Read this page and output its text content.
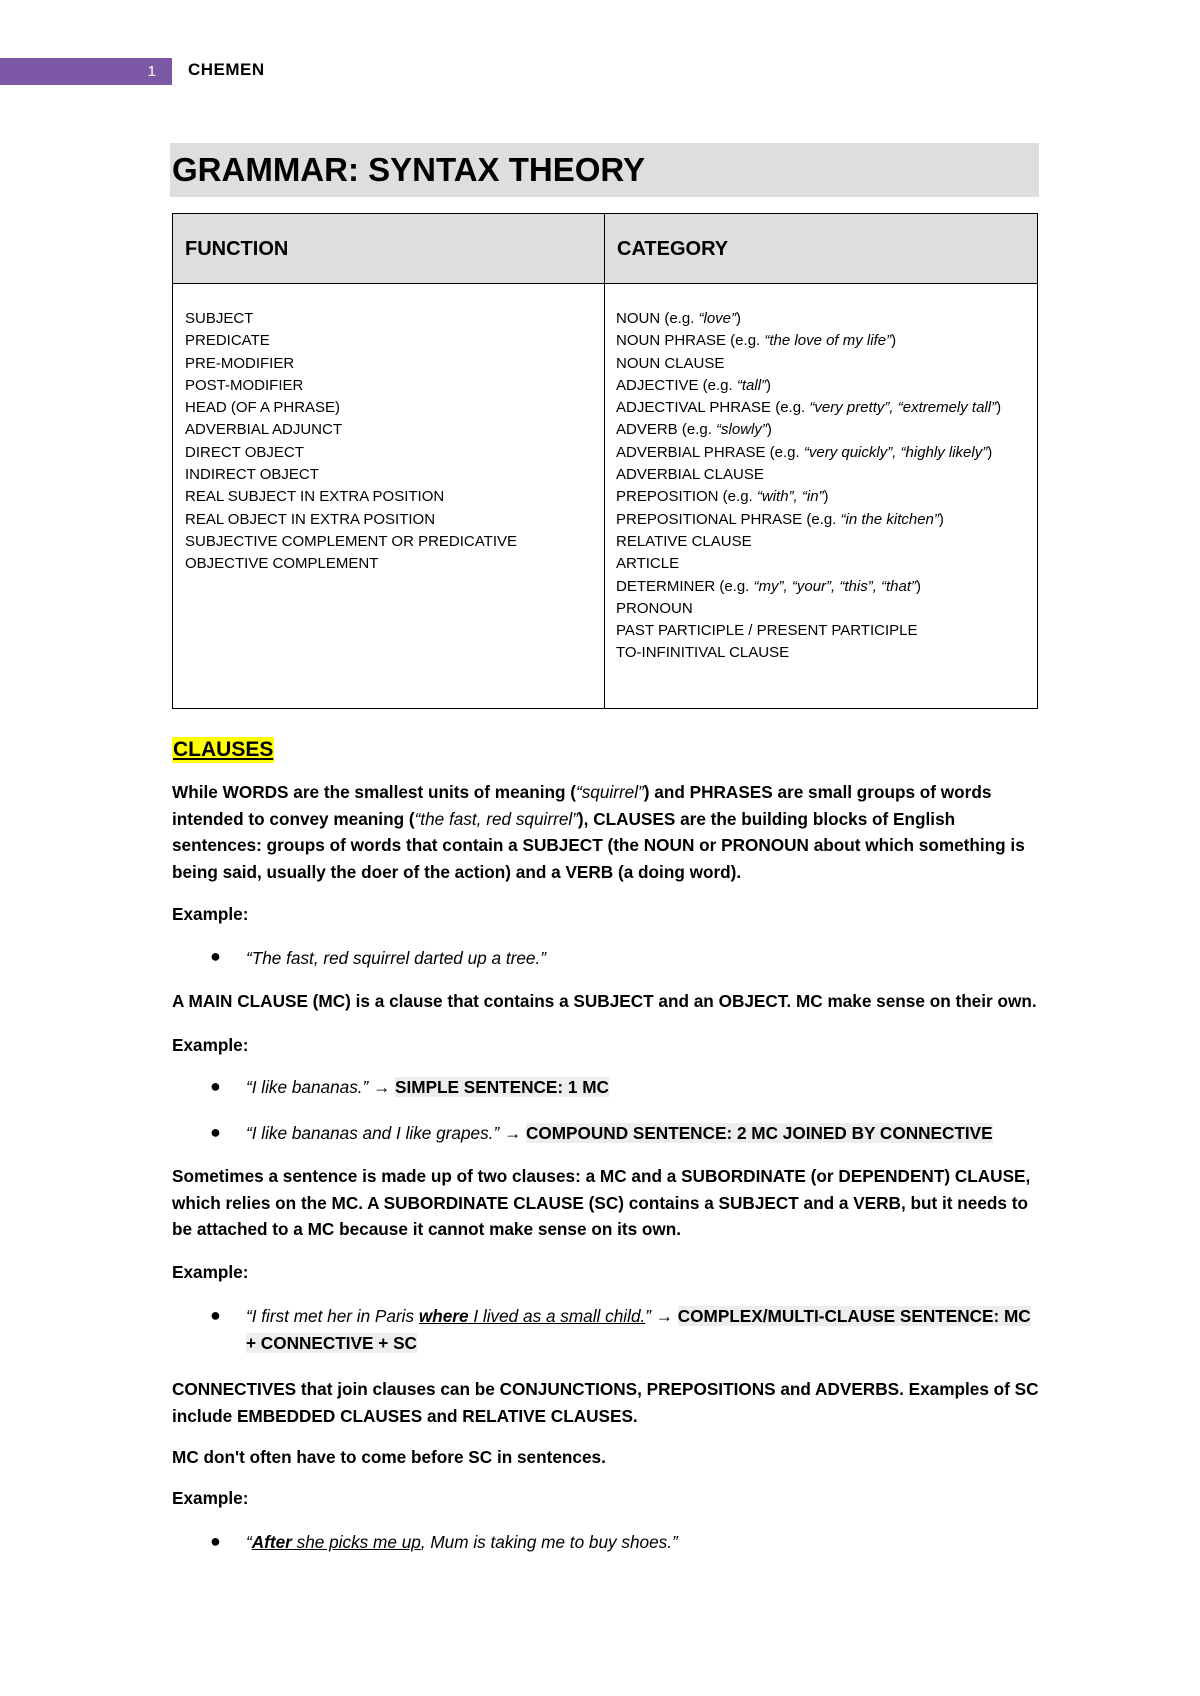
1	CHEMEN
GRAMMAR: SYNTAX THEORY
FUNCTION	CATEGORY
SUBJECT
PREDICATE
PRE-MODIFIER
POST-MODIFIER
HEAD (OF A PHRASE)
ADVERBIAL ADJUNCT
DIRECT OBJECT
INDIRECT OBJECT
REAL SUBJECT IN EXTRA POSITION
REAL OBJECT IN EXTRA POSITION
SUBJECTIVE COMPLEMENT OR PREDICATIVE
OBJECTIVE COMPLEMENT
NOUN (e.g. “love”)
NOUN PHRASE (e.g. “the love of my life”)
NOUN CLAUSE
ADJECTIVE (e.g. “tall”)
ADJECTIVAL PHRASE (e.g. “very pretty”, “extremely tall”)
ADVERB (e.g. “slowly”)
ADVERBIAL PHRASE (e.g. “very quickly”, “highly likely”)
ADVERBIAL CLAUSE
PREPOSITION (e.g. “with”, “in”)
PREPOSITIONAL PHRASE (e.g. “in the kitchen”)
RELATIVE CLAUSE
ARTICLE
DETERMINER (e.g. “my”, “your”, “this”, “that”)
PRONOUN
PAST PARTICIPLE / PRESENT PARTICIPLE
TO-INFINITIVAL CLAUSE
CLAUSES

While WORDS are the smallest units of meaning (“squirrel”) and PHRASES are small groups of words intended to convey meaning (“the fast, red squirrel”), CLAUSES are the building blocks of English sentences: groups of words that contain a SUBJECT (the NOUN or PRONOUN about which something is being said, usually the doer of the action) and a VERB (a doing word).

Example:
● “The fast, red squirrel darted up a tree.”

A MAIN CLAUSE (MC) is a clause that contains a SUBJECT and an OBJECT. MC make sense on their own.

Example:
● “I like bananas.” → SIMPLE SENTENCE: 1 MC
● “I like bananas and I like grapes.” → COMPOUND SENTENCE: 2 MC JOINED BY CONNECTIVE

Sometimes a sentence is made up of two clauses: a MC and a SUBORDINATE (or DEPENDENT) CLAUSE, which relies on the MC. A SUBORDINATE CLAUSE (SC) contains a SUBJECT and a VERB, but it needs to be attached to a MC because it cannot make sense on its own.

Example:
● “I first met her in Paris where I lived as a small child.” → COMPLEX/MULTI-CLAUSE SENTENCE: MC + CONNECTIVE + SC

CONNECTIVES that join clauses can be CONJUNCTIONS, PREPOSITIONS and ADVERBS. Examples of SC include EMBEDDED CLAUSES and RELATIVE CLAUSES.

MC don't often have to come before SC in sentences.

Example:
● “After she picks me up, Mum is taking me to buy shoes.”
